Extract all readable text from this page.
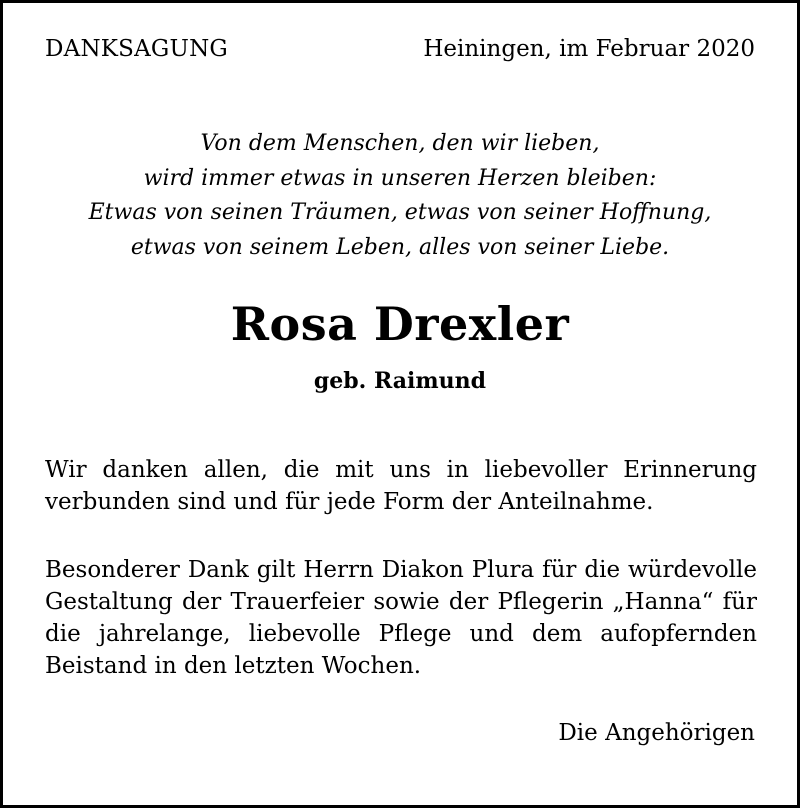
DANKSAGUNG	Heiningen, im Februar 2020
Von dem Menschen, den wir lieben,
wird immer etwas in unseren Herzen bleiben:
Etwas von seinen Träumen, etwas von seiner Hoffnung,
etwas von seinem Leben, alles von seiner Liebe.
Rosa Drexler
geb. Raimund
Wir danken allen, die mit uns in liebevoller Erinnerung
verbunden sind und für jede Form der Anteilnahme.
Besonderer Dank gilt Herrn Diakon Plura für die würdevolle
Gestaltung der Trauerfeier sowie der Pflegerin „Hanna“ für
die jahrelange, liebevolle Pflege und dem aufopfernden
Beistand in den letzten Wochen.
Die Angehörigen
